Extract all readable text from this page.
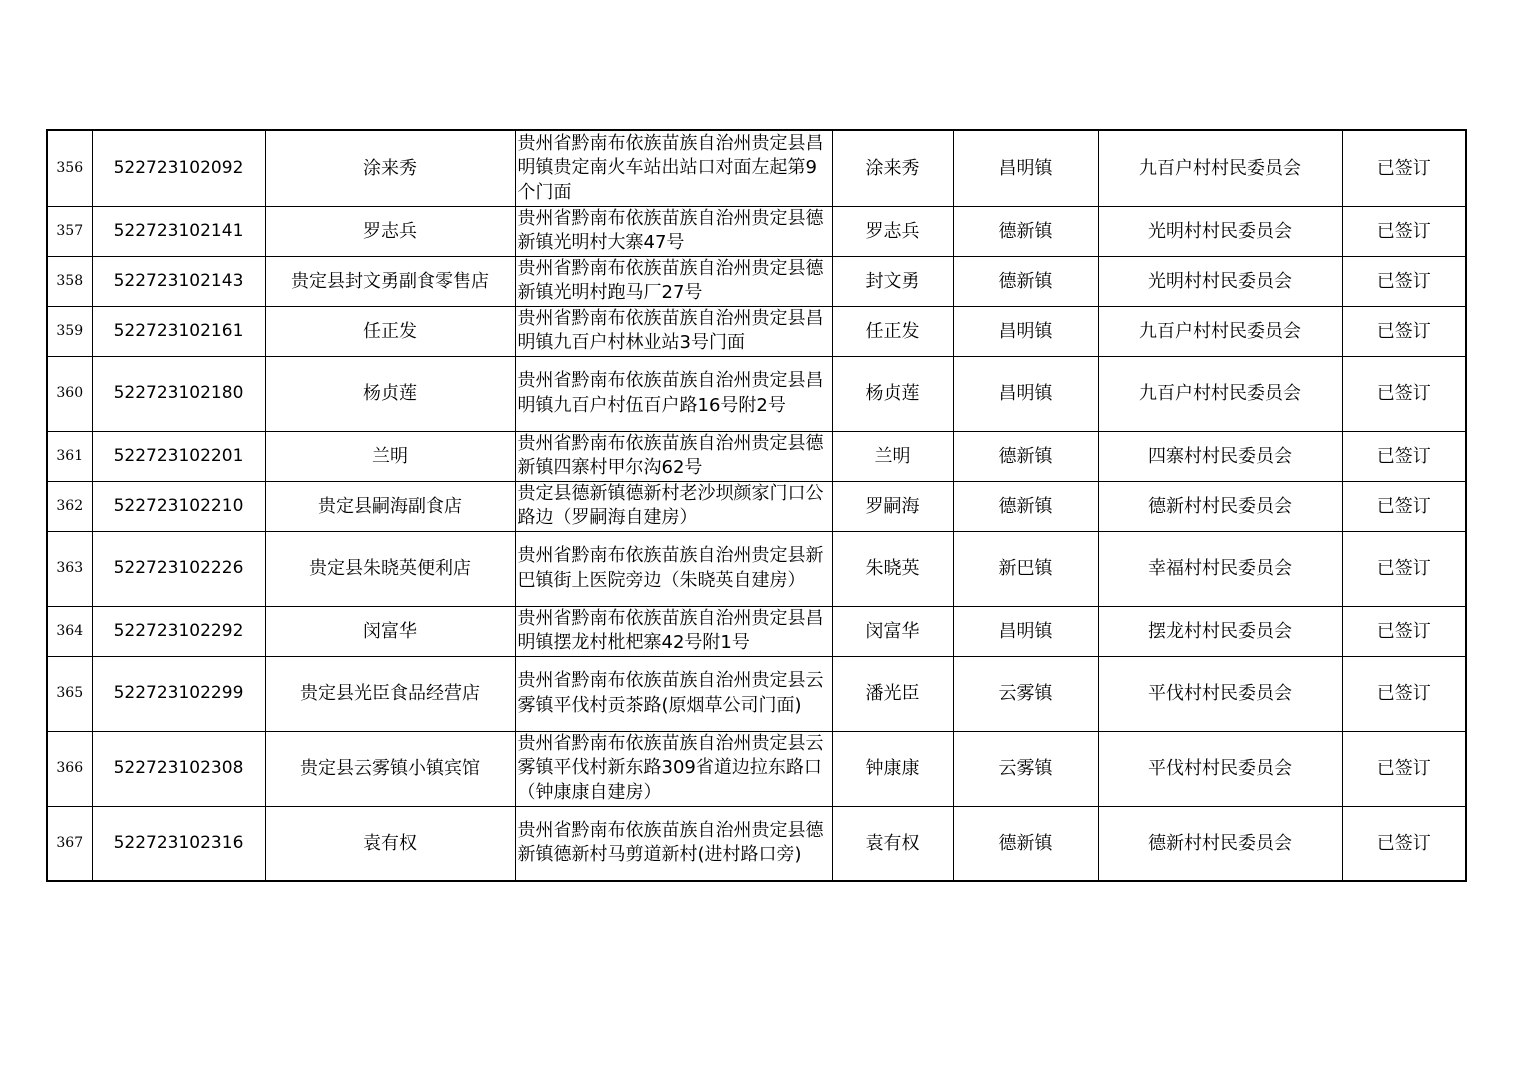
356	522723102092	涂来秀	贵州省黔南布依族苗族自治州贵定县昌明镇贵定南火车站出站口对面左起第9个门面	涂来秀	昌明镇	九百户村村民委员会	已签订
357	522723102141	罗志兵	贵州省黔南布依族苗族自治州贵定县德新镇光明村大寨47号	罗志兵	德新镇	光明村村民委员会	已签订
358	522723102143	贵定县封文勇副食零售店	贵州省黔南布依族苗族自治州贵定县德新镇光明村跑马厂27号	封文勇	德新镇	光明村村民委员会	已签订
359	522723102161	任正发	贵州省黔南布依族苗族自治州贵定县昌明镇九百户村林业站3号门面	任正发	昌明镇	九百户村村民委员会	已签订
360	522723102180	杨贞莲	贵州省黔南布依族苗族自治州贵定县昌明镇九百户村伍百户路16号附2号	杨贞莲	昌明镇	九百户村村民委员会	已签订
361	522723102201	兰明	贵州省黔南布依族苗族自治州贵定县德新镇四寨村甲尔沟62号	兰明	德新镇	四寨村村民委员会	已签订
362	522723102210	贵定县嗣海副食店	贵定县德新镇德新村老沙坝颜家门口公路边（罗嗣海自建房）	罗嗣海	德新镇	德新村村民委员会	已签订
363	522723102226	贵定县朱晓英便利店	贵州省黔南布依族苗族自治州贵定县新巴镇街上医院旁边（朱晓英自建房）	朱晓英	新巴镇	幸福村村民委员会	已签订
364	522723102292	闵富华	贵州省黔南布依族苗族自治州贵定县昌明镇摆龙村枇杷寨42号附1号	闵富华	昌明镇	摆龙村村民委员会	已签订
365	522723102299	贵定县光臣食品经营店	贵州省黔南布依族苗族自治州贵定县云雾镇平伐村贡茶路(原烟草公司门面)	潘光臣	云雾镇	平伐村村民委员会	已签订
366	522723102308	贵定县云雾镇小镇宾馆	贵州省黔南布依族苗族自治州贵定县云雾镇平伐村新东路309省道边拉东路口（钟康康自建房）	钟康康	云雾镇	平伐村村民委员会	已签订
367	522723102316	袁有权	贵州省黔南布依族苗族自治州贵定县德新镇德新村马剪道新村(进村路口旁)	袁有权	德新镇	德新村村民委员会	已签订
